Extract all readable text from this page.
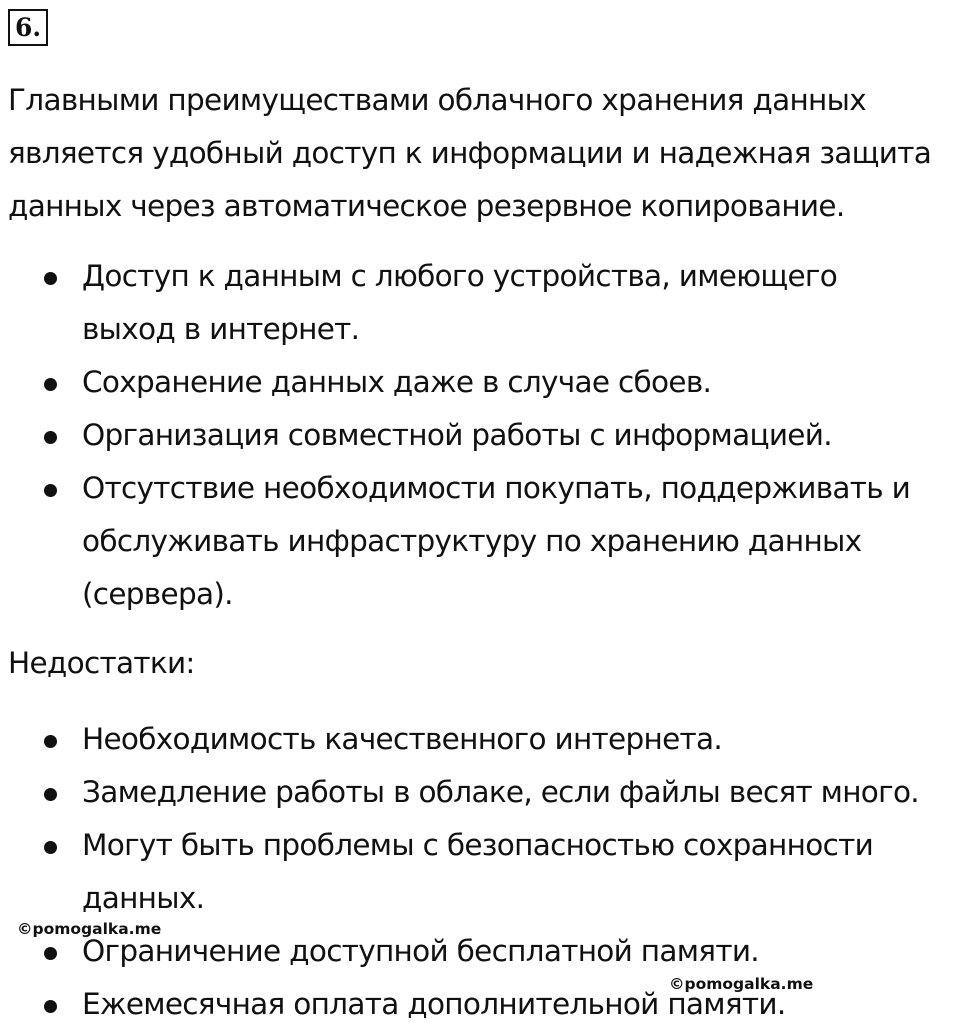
6.

Главными преимуществами облачного хранения данных
является удобный доступ к информации и надежная защита
данных через автоматическое резервное копирование.

Доступ к данным с любого устройства, имеющего
выход в интернет.
Сохранение данных даже в случае сбоев.
Организация совместной работы с информацией.
Отсутствие необходимости покупать, поддерживать и
обслуживать инфраструктуру по хранению данных
(сервера).
Недостатки:
Необходимость качественного интернета.
Замедление работы в облаке, если файлы весят много.
Могут быть проблемы с безопасностью сохранности
данных.
Ограничение доступной бесплатной памяти.
Ежемесячная оплата дополнительной памяти.
©pomogalka.me
©pomogalka.me
